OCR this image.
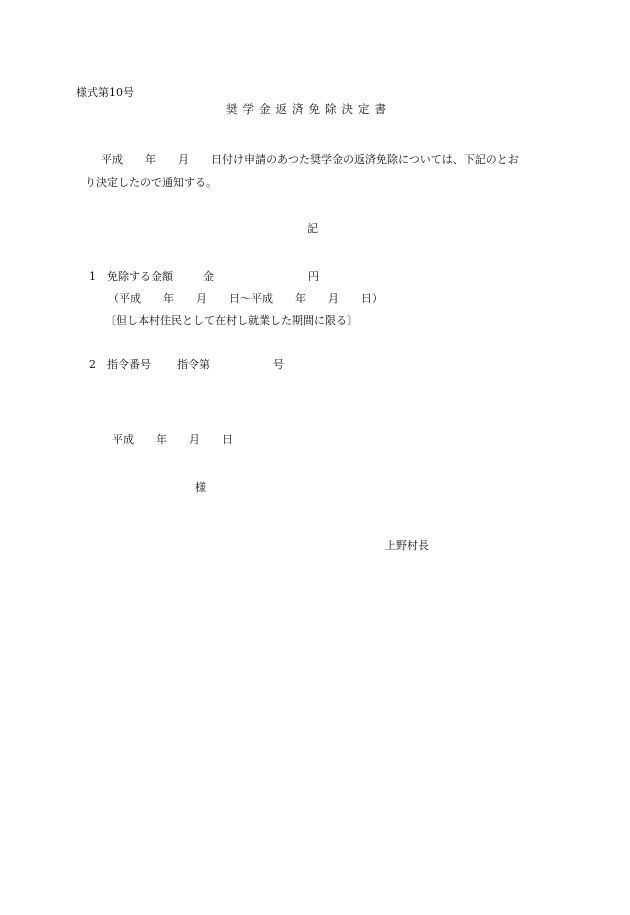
様式第10号
奨学金返済免除決定書
平成　　年　　月　　日付け申請のあつた奨学金の返済免除については、下記のとお
り決定したので通知する。
記
1　免除する金額　　 金	円
（平成　　年　　月　　日～平成　　年　　月　　日）
〔但し本村住民として在村し就業した期間に限る〕
2　指令番号　　 指令第	号
平成　　年　　月　　日
様
上野村長
